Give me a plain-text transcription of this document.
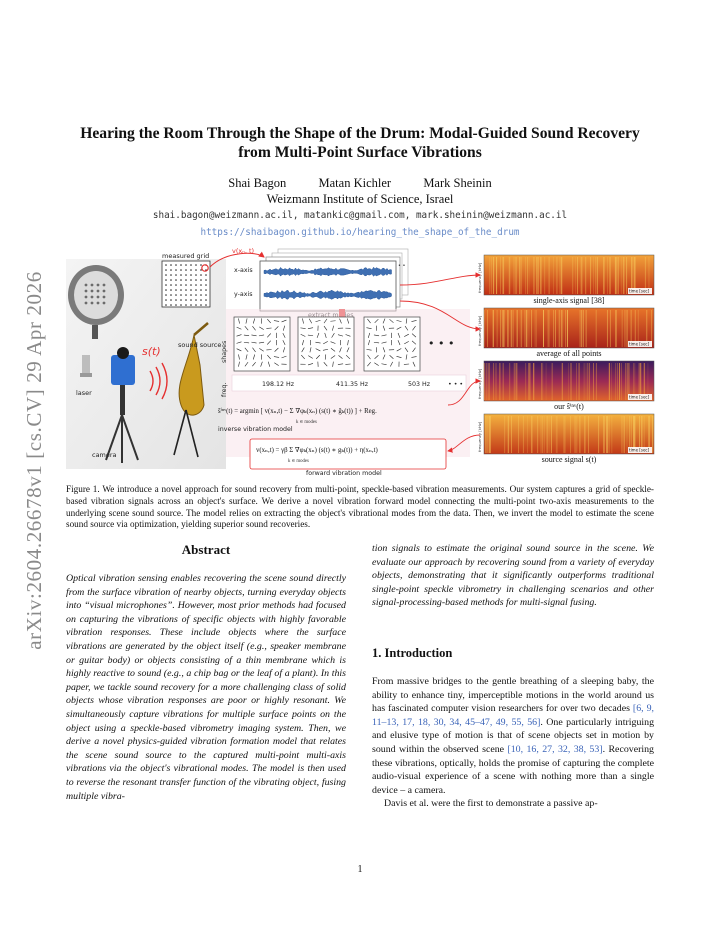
arXiv:2604.26678v1 [cs.CV] 29 Apr 2026
Hearing the Room Through the Shape of the Drum: Modal-Guided Sound Recovery from Multi-Point Surface Vibrations
Shai Bagon	Matan Kichler	Mark Sheinin
Weizmann Institute of Science, Israel
shai.bagon@weizmann.ac.il, matankic@gmail.com, mark.sheinin@weizmann.ac.il
https://shaibagon.github.io/hearing_the_shape_of_the_drum
s(t)	sound source
laser
camera
measured grid
v(xₙ, t)
x-axis
y-axis
• •
shapes	• • •
freq.	198.12 Hz	411.35 Hz	503 Hz	• • •
ŝⁱⁿᵛ(t) = argmin [ v(xₙ,t) − Σ ∇φₖ(xₙ) (s(t) ∗ ĝₖ(t)) ] + Reg.
k ∈ modes
inverse vibration model
v(xₙ,t) = γβ Σ ∇φₖ(xₙ) (s(t) ∗ gₖ(t)) + η(xₙ,t)
k ∈ modes
forward vibration model
frequency [kHz]	time [sec]
single-axis signal [38]
frequency [kHz]	time [sec]
average of all points
frequency [kHz]	time [sec]
our ŝⁱⁿᵛ(t)
frequency [kHz]	time [sec]
source signal s(t)
Figure 1. We introduce a novel approach for sound recovery from multi-point, speckle-based vibration measurements. Our system captures a grid of speckle-based vibration signals across an object's surface. We derive a novel vibration forward model connecting the multi-point two-axis measurements to the underlying scene sound source. The model relies on extracting the object's vibrational modes from the data. Then, we invert the model to estimate the scene sound source via optimization, yielding superior sound recoveries.
Abstract

Optical vibration sensing enables recovering the scene sound directly from the surface vibration of nearby objects, turning everyday objects into “visual microphones”. However, most prior methods had focused on capturing the vibrations of specific objects with highly favorable vibration responses. These include objects where the surface vibrations are generated by the object itself (e.g., speaker membrane or guitar body) or objects consisting of a thin membrane which is highly reactive to sound (e.g., a chip bag or the leaf of a plant). In this paper, we tackle sound recovery for a more challenging class of solid objects whose vibration responses are poor or highly resonant. We simultaneously capture vibrations for multiple surface points on the object using a speckle-based vibrometry imaging system. Then, we derive a novel physics-guided vibration formation model that relates the scene sound source to the captured multi-point multi-axis vibrations via the object's vibrational modes. The model is then used to reverse the resonant transfer function of the vibrating object, fusing multiple vibra-

tion signals to estimate the original sound source in the scene. We evaluate our approach by recovering sound from a variety of everyday objects, demonstrating that it significantly outperforms traditional single-point speckle vibrometry in challenging scenarios and other signal-processing-based methods for multi-signal fusing.

1. Introduction

From massive bridges to the gentle breathing of a sleeping baby, the ability to enhance tiny, imperceptible motions in the world around us has fascinated computer vision researchers for over two decades [6, 9, 11–13, 17, 18, 30, 34, 45–47, 49, 55, 56]. One particularly intriguing and elusive type of motion is that of scene objects set in motion by sound within the observed scene [10, 16, 27, 32, 38, 53]. Recovering these vibrations, optically, holds the promise of capturing the complete audio-visual experience of a scene with nothing more than a single device – a camera.

Davis et al. were the first to demonstrate a passive ap-

1
